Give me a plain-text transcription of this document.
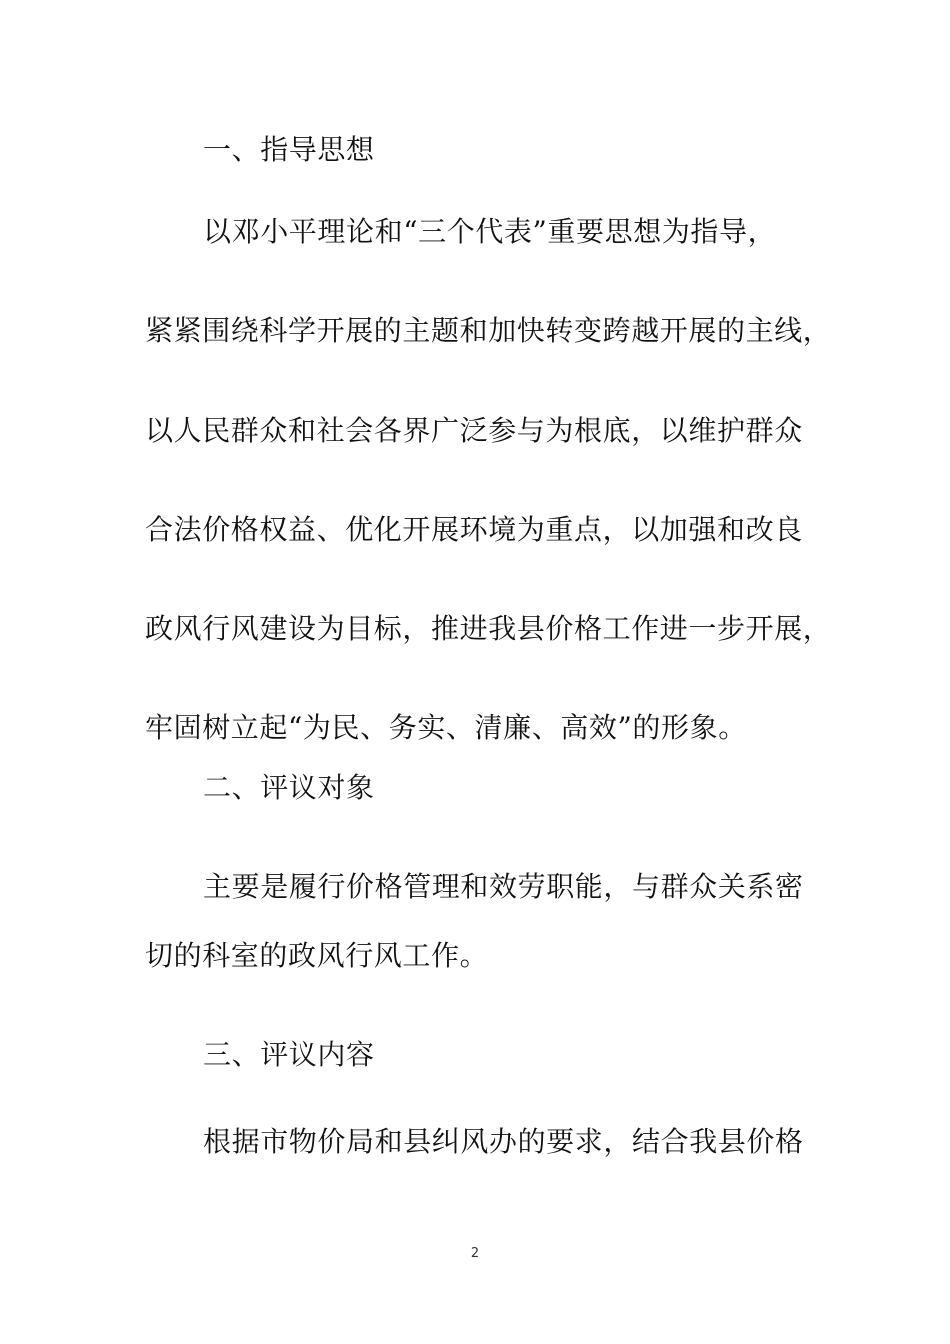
一、指导思想
以邓小平理论和“三个代表”重要思想为指导，
紧紧围绕科学开展的主题和加快转变跨越开展的主线，
以人民群众和社会各界广泛参与为根底，以维护群众
合法价格权益、优化开展环境为重点，以加强和改良
政风行风建设为目标，推进我县价格工作进一步开展，
牢固树立起“为民、务实、清廉、高效”的形象。
二、评议对象
主要是履行价格管理和效劳职能，与群众关系密
切的科室的政风行风工作。
三、评议内容
根据市物价局和县纠风办的要求，结合我县价格
2
